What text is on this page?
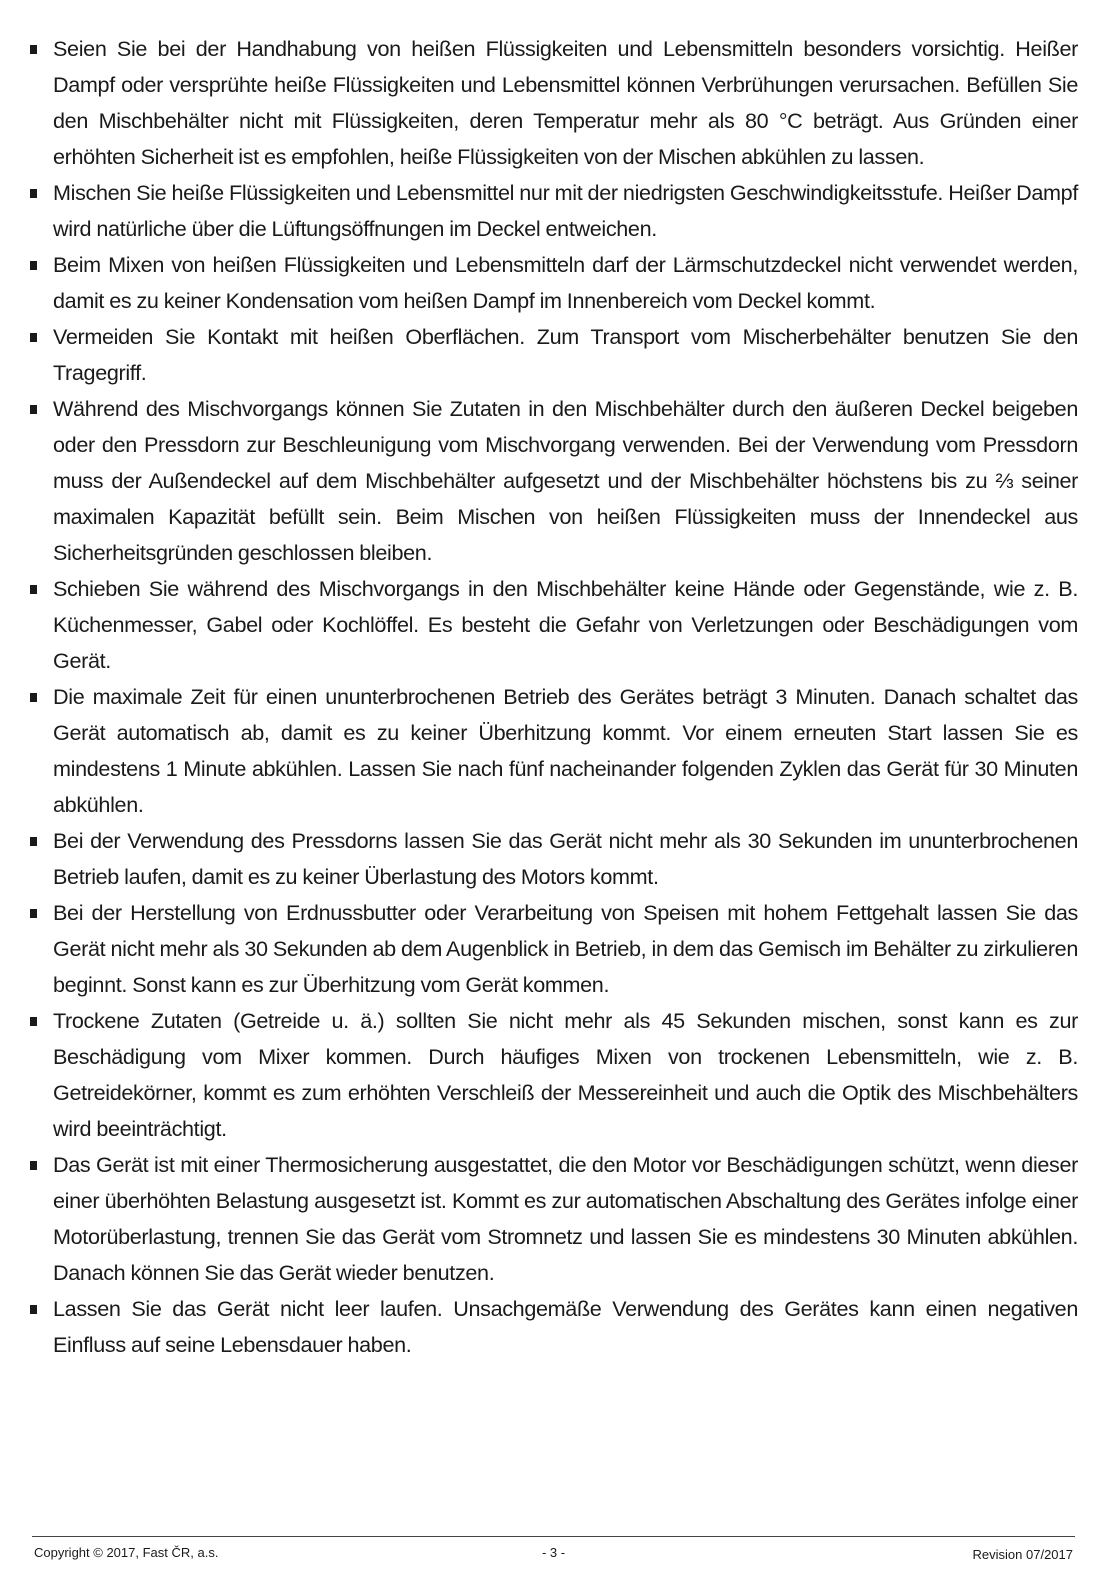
Seien Sie bei der Handhabung von heißen Flüssigkeiten und Lebensmitteln besonders vorsichtig. Heißer Dampf oder versprühte heiße Flüssigkeiten und Lebensmittel können Verbrühungen verursachen. Befüllen Sie den Mischbehälter nicht mit Flüssigkeiten, deren Temperatur mehr als 80 °C beträgt. Aus Gründen einer erhöhten Sicherheit ist es empfohlen, heiße Flüssigkeiten von der Mischen abkühlen zu lassen.
Mischen Sie heiße Flüssigkeiten und Lebensmittel nur mit der niedrigsten Geschwindigkeitsstufe. Heißer Dampf wird natürliche über die Lüftungsöffnungen im Deckel entweichen.
Beim Mixen von heißen Flüssigkeiten und Lebensmitteln darf der Lärmschutzdeckel nicht verwendet werden, damit es zu keiner Kondensation vom heißen Dampf im Innenbereich vom Deckel kommt.
Vermeiden Sie Kontakt mit heißen Oberflächen. Zum Transport vom Mischerbehälter benutzen Sie den Tragegriff.
Während des Mischvorgangs können Sie Zutaten in den Mischbehälter durch den äußeren Deckel beigeben oder den Pressdorn zur Beschleunigung vom Mischvorgang verwenden. Bei der Verwendung vom Pressdorn muss der Außendeckel auf dem Mischbehälter aufgesetzt und der Mischbehälter höchstens bis zu ⅔ seiner maximalen Kapazität befüllt sein. Beim Mischen von heißen Flüssigkeiten muss der Innendeckel aus Sicherheitsgründen geschlossen bleiben.
Schieben Sie während des Mischvorgangs in den Mischbehälter keine Hände oder Gegenstände, wie z. B. Küchenmesser, Gabel oder Kochlöffel. Es besteht die Gefahr von Verletzungen oder Beschädigungen vom Gerät.
Die maximale Zeit für einen ununterbrochenen Betrieb des Gerätes beträgt 3 Minuten. Danach schaltet das Gerät automatisch ab, damit es zu keiner Überhitzung kommt. Vor einem erneuten Start lassen Sie es mindestens 1 Minute abkühlen. Lassen Sie nach fünf nacheinander folgenden Zyklen das Gerät für 30 Minuten abkühlen.
Bei der Verwendung des Pressdorns lassen Sie das Gerät nicht mehr als 30 Sekunden im ununterbrochenen Betrieb laufen, damit es zu keiner Überlastung des Motors kommt.
Bei der Herstellung von Erdnussbutter oder Verarbeitung von Speisen mit hohem Fettgehalt lassen Sie das Gerät nicht mehr als 30 Sekunden ab dem Augenblick in Betrieb, in dem das Gemisch im Behälter zu zirkulieren beginnt. Sonst kann es zur Überhitzung vom Gerät kommen.
Trockene Zutaten (Getreide u. ä.) sollten Sie nicht mehr als 45 Sekunden mischen, sonst kann es zur Beschädigung vom Mixer kommen. Durch häufiges Mixen von trockenen Lebensmitteln, wie z. B. Getreidekörner, kommt es zum erhöhten Verschleiß der Messereinheit und auch die Optik des Mischbehälters wird beeinträchtigt.
Das Gerät ist mit einer Thermosicherung ausgestattet, die den Motor vor Beschädigungen schützt, wenn dieser einer überhöhten Belastung ausgesetzt ist. Kommt es zur automatischen Abschaltung des Gerätes infolge einer Motorüberlastung, trennen Sie das Gerät vom Stromnetz und lassen Sie es mindestens 30 Minuten abkühlen. Danach können Sie das Gerät wieder benutzen.
Lassen Sie das Gerät nicht leer laufen. Unsachgemäße Verwendung des Gerätes kann einen negativen Einfluss auf seine Lebensdauer haben.
Copyright © 2017, Fast ČR, a.s.	- 3 -	Revision 07/2017
